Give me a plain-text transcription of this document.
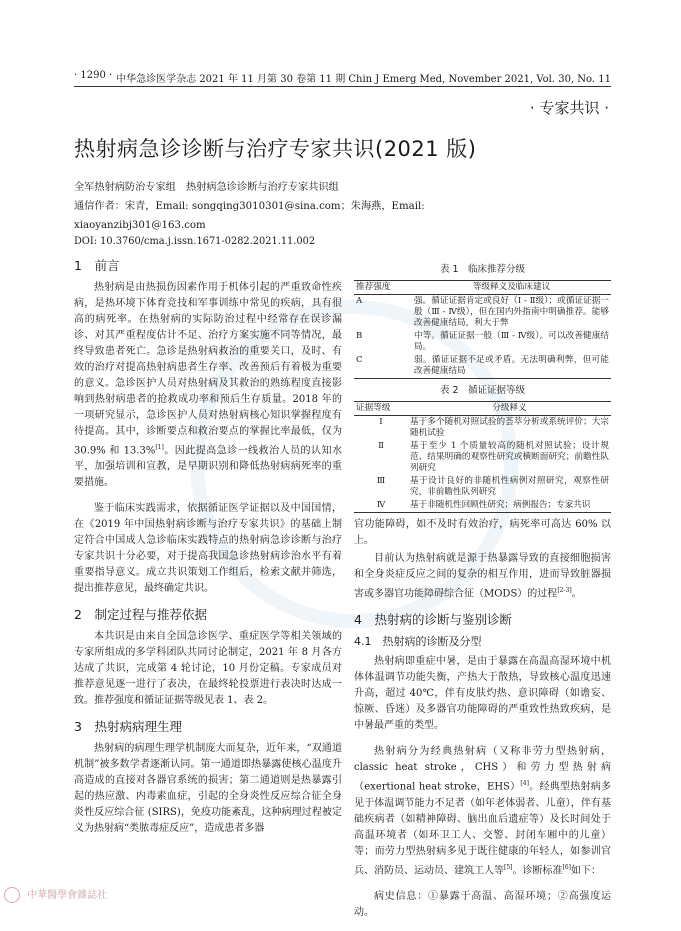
· 1290 · 中华急诊医学杂志 2021 年 11 月第 30 卷第 11 期 Chin J Emerg Med, November 2021, Vol. 30, No. 11
· 专家共识 ·
热射病急诊诊断与治疗专家共识(2021 版)
全军热射病防治专家组　热射病急诊诊断与治疗专家共识组
通信作者：宋青，Email: songqing3010301@sina.com；朱海燕，Email:
xiaoyanzibj301@163.com
DOI: 10.3760/cma.j.issn.1671-0282.2021.11.002
1　前言

热射病是由热损伤因素作用于机体引起的严重致命性疾病，是热环境下体育竞技和军事训练中常见的疾病，具有很高的病死率。在热射病的实际防治过程中经常存在误诊漏诊、对其严重程度估计不足、治疗方案实施不同等情况，最终导致患者死亡。急诊是热射病救治的重要关口，及时、有效的治疗对提高热射病患者生存率、改善预后有着极为重要的意义。急诊医护人员对热射病及其救治的熟练程度直接影响到热射病患者的抢救成功率和预后生存质量。2018 年的一项研究显示，急诊医护人员对热射病核心知识掌握程度有待提高。其中，诊断要点和救治要点的掌握比率最低，仅为 30.9% 和 13.3%[1]。因此提高急诊一线救治人员的认知水平，加强培训和宣教，是早期识别和降低热射病病死率的重要措施。

鉴于临床实践需求，依据循证医学证据以及中国国情，在《2019 年中国热射病诊断与治疗专家共识》的基础上制定符合中国成人急诊临床实践特点的热射病急诊诊断与治疗专家共识十分必要，对于提高我国急诊热射病诊治水平有着重要指导意义。成立共识策划工作组后，检索文献并筛选，提出推荐意见，最终确定共识。

2　制定过程与推荐依据

本共识是由来自全国急诊医学、重症医学等相关领域的专家所组成的多学科团队共同讨论制定，2021 年 8 月各方达成了共识，完成第 4 轮讨论，10 月份定稿。专家成员对推荐意见逐一进行了表决，在最终轮投票进行表决时达成一致。推荐强度和循证证据等级见表 1、表 2。

3　热射病病理生理

热射病的病理生理学机制庞大而复杂，近年来，“双通道机制”被多数学者逐渐认同。第一通道即热暴露使核心温度升高造成的直接对各器官系统的损害；第二通道则是热暴露引起的热应激、内毒素血症，引起的全身炎性反应综合征全身炎性反应综合征 (SIRS)，免疫功能紊乱，这种病理过程被定义为热射病“类脓毒症反应”，造成患者多器

表 1　临床推荐分级
推荐强度	等级释义及临床建议
A	强。循证证据肯定或良好（Ⅰ - Ⅱ级）；或循证证据一般（Ⅲ - Ⅳ级），但在国内外指南中明确推荐。能够改善健康结局，利大于弊
B	中等。循证证据一般（Ⅲ - Ⅳ级）。可以改善健康结局。
C	弱。循证证据不足或矛盾。无法明确利弊，但可能改善健康结局
表 2　循证证据等级
证据等级	分级释义
Ⅰ	基于多个随机对照试验的荟萃分析或系统评价；大宗随机试验
Ⅱ	基于至少 1 个质量较高的随机对照试验；设计规范、结果明确的观察性研究或横断面研究；前瞻性队列研究
Ⅲ	基于设计良好的非随机性病例对照研究，观察性研究，非前瞻性队列研究
Ⅳ	基于非随机性回顾性研究；病例报告；专家共识

官功能障碍，如不及时有效治疗，病死率可高达 60% 以上。

目前认为热射病就是源于热暴露导致的直接细胞损害和全身炎症反应之间的复杂的相互作用，进而导致脏器损害或多器官功能障碍综合征（MODS）的过程[2-3]。

4　热射病的诊断与鉴别诊断
4.1　热射病的诊断及分型

热射病即重症中暑，是由于暴露在高温高湿环境中机体体温调节功能失衡，产热大于散热，导致核心温度迅速升高，超过 40℃，伴有皮肤灼热、意识障碍（如谵妄、惊厥、昏迷）及多器官功能障碍的严重致性热致疾病，是中暑最严重的类型。

热射病分为经典热射病（又称非劳力型热射病，classic heat stroke，CHS）和劳力型热射病（exertional heat stroke，EHS）[4]。经典型热射病多见于体温调节能力不足者（如年老体弱者、儿童），伴有基础疾病者（如精神障碍、脑出血后遗症等）及长时间处于高温环境者（如环卫工人、交警、封闭车厢中的儿童）等；而劳力型热射病多见于既往健康的年轻人，如参训官兵、消防员、运动员、建筑工人等[5]。诊断标准[6]如下：

病史信息：①暴露于高温、高湿环境；②高强度运动。

中華醫學會雜誌社
